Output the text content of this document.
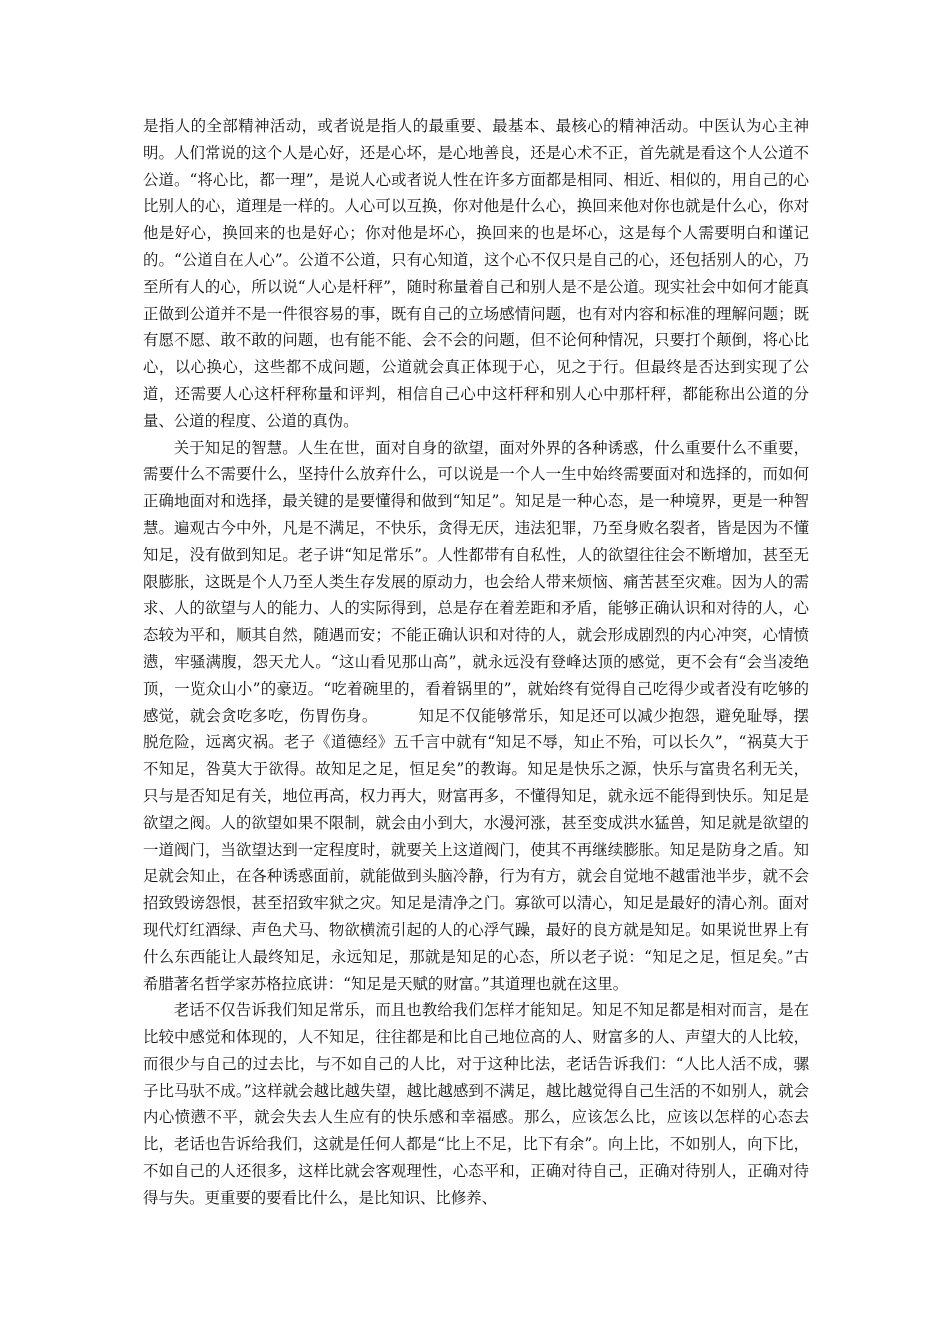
是指人的全部精神活动，或者说是指人的最重要、最基本、最核心的精神活动。中医认为心主神明。人们常说的这个人是心好，还是心坏，是心地善良，还是心术不正，首先就是看这个人公道不公道。“将心比，都一理”，是说人心或者说人性在许多方面都是相同、相近、相似的，用自己的心比别人的心，道理是一样的。人心可以互换，你对他是什么心，换回来他对你也就是什么心，你对他是好心，换回来的也是好心；你对他是坏心，换回来的也是坏心，这是每个人需要明白和谨记的。“公道自在人心”。公道不公道，只有心知道，这个心不仅只是自己的心，还包括别人的心，乃至所有人的心，所以说“人心是杆秤”，随时称量着自己和别人是不是公道。现实社会中如何才能真正做到公道并不是一件很容易的事，既有自己的立场感情问题，也有对内容和标准的理解问题；既有愿不愿、敢不敢的问题，也有能不能、会不会的问题，但不论何种情况，只要打个颠倒，将心比心，以心换心，这些都不成问题，公道就会真正体现于心，见之于行。但最终是否达到实现了公道，还需要人心这杆秤称量和评判，相信自己心中这杆秤和别人心中那杆秤，都能称出公道的分量、公道的程度、公道的真伪。

关于知足的智慧。人生在世，面对自身的欲望，面对外界的各种诱惑，什么重要什么不重要，需要什么不需要什么，坚持什么放弃什么，可以说是一个人一生中始终需要面对和选择的，而如何正确地面对和选择，最关键的是要懂得和做到“知足”。知足是一种心态，是一种境界，更是一种智慧。遍观古今中外，凡是不满足，不快乐，贪得无厌，违法犯罪，乃至身败名裂者，皆是因为不懂知足，没有做到知足。老子讲“知足常乐”。人性都带有自私性，人的欲望往往会不断增加，甚至无限膨胀，这既是个人乃至人类生存发展的原动力，也会给人带来烦恼、痛苦甚至灾难。因为人的需求、人的欲望与人的能力、人的实际得到，总是存在着差距和矛盾，能够正确认识和对待的人，心态较为平和，顺其自然，随遇而安；不能正确认识和对待的人，就会形成剧烈的内心冲突，心情愤懑，牢骚满腹，怨天尤人。“这山看见那山高”，就永远没有登峰达顶的感觉，更不会有“会当凌绝顶，一览众山小”的豪迈。“吃着碗里的，看着锅里的”，就始终有觉得自己吃得少或者没有吃够的感觉，就会贪吃多吃，伤胃伤身。        知足不仅能够常乐，知足还可以减少抱怨，避免耻辱，摆脱危险，远离灾祸。老子《道德经》五千言中就有“知足不辱，知止不殆，可以长久”，“祸莫大于不知足，咎莫大于欲得。故知足之足，恒足矣”的教诲。知足是快乐之源，快乐与富贵名利无关，只与是否知足有关，地位再高，权力再大，财富再多，不懂得知足，就永远不能得到快乐。知足是欲望之阀。人的欲望如果不限制，就会由小到大，水漫河涨，甚至变成洪水猛兽，知足就是欲望的一道阀门，当欲望达到一定程度时，就要关上这道阀门，使其不再继续膨胀。知足是防身之盾。知足就会知止，在各种诱惑面前，就能做到头脑冷静，行为有方，就会自觉地不越雷池半步，就不会招致毁谤怨恨，甚至招致牢狱之灾。知足是清净之门。寡欲可以清心，知足是最好的清心剂。面对现代灯红酒绿、声色犬马、物欲横流引起的人的心浮气躁，最好的良方就是知足。如果说世界上有什么东西能让人最终知足，永远知足，那就是知足的心态，所以老子说：“知足之足，恒足矣。”古希腊著名哲学家苏格拉底讲：“知足是天赋的财富。”其道理也就在这里。

老话不仅告诉我们知足常乐，而且也教给我们怎样才能知足。知足不知足都是相对而言，是在比较中感觉和体现的，人不知足，往往都是和比自己地位高的人、财富多的人、声望大的人比较，而很少与自己的过去比，与不如自己的人比，对于这种比法，老话告诉我们：“人比人活不成，骡子比马驮不成。”这样就会越比越失望，越比越感到不满足，越比越觉得自己生活的不如别人，就会内心愤懑不平，就会失去人生应有的快乐感和幸福感。那么，应该怎么比，应该以怎样的心态去比，老话也告诉给我们，这就是任何人都是“比上不足，比下有余”。向上比，不如别人，向下比，不如自己的人还很多，这样比就会客观理性，心态平和，正确对待自己，正确对待别人，正确对待得与失。更重要的要看比什么，是比知识、比修养、
